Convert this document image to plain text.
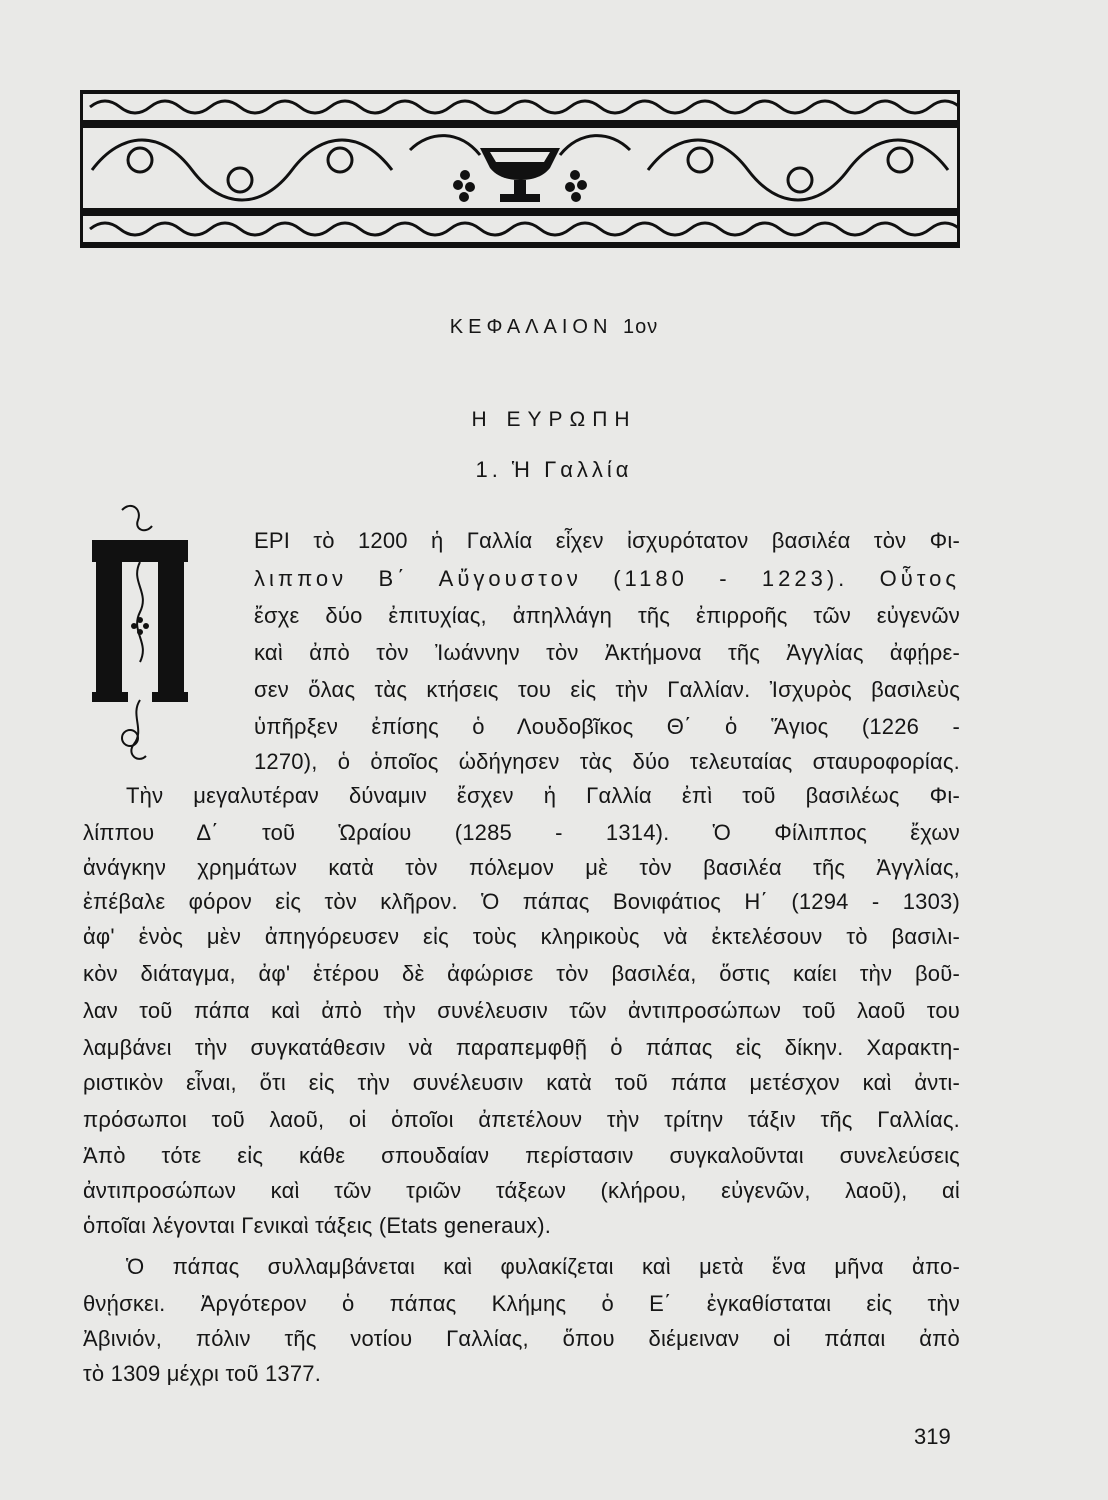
ΚΕΦΑΛΑΙΟΝ 1ον
Η ΕΥΡΩΠΗ
1. Ἡ Γαλλία
ΕΡΙ τὸ 1200 ἡ Γαλλία εἶχεν ἰσχυρότατον βασιλέα τὸν Φι-
λιππον Β΄ Αὔγουστον (1180 - 1223). Οὗτος
ἔσχε δύο ἐπιτυχίας, ἀπηλλάγη τῆς ἐπιρροῆς τῶν εὐγενῶν
καὶ ἀπὸ τὸν Ἰωάννην τὸν Ἀκτήμονα τῆς Ἀγγλίας ἀφῄρε-
σεν ὅλας τὰς κτήσεις του εἰς τὴν Γαλλίαν. Ἰσχυρὸς βασιλεὺς
ὑπῆρξεν ἐπίσης ὁ Λουδοβῖκος Θ΄ ὁ Ἅγιος (1226 -
1270), ὁ ὁποῖος ὡδήγησεν τὰς δύο τελευταίας σταυροφορίας.
Τὴν μεγαλυτέραν δύναμιν ἔσχεν ἡ Γαλλία ἐπὶ τοῦ βασιλέως Φι-
λίππου Δ΄ τοῦ Ὡραίου (1285 - 1314). Ὁ Φίλιππος ἔχων
ἀνάγκην χρημάτων κατὰ τὸν πόλεμον μὲ τὸν βασιλέα τῆς Ἀγγλίας,
ἐπέβαλε φόρον εἰς τὸν κλῆρον. Ὁ πάπας Βονιφάτιος Η΄ (1294 - 1303)
ἀφ' ἑνὸς μὲν ἀπηγόρευσεν εἰς τοὺς κληρικοὺς νὰ ἐκτελέσουν τὸ βασιλι-
κὸν διάταγμα, ἀφ' ἑτέρου δὲ ἀφώρισε τὸν βασιλέα, ὅστις καίει τὴν βοῦ-
λαν τοῦ πάπα καὶ ἀπὸ τὴν συνέλευσιν τῶν ἀντιπροσώπων τοῦ λαοῦ του
λαμβάνει τὴν συγκατάθεσιν νὰ παραπεμφθῇ ὁ πάπας εἰς δίκην. Χαρακτη-
ριστικὸν εἶναι, ὅτι εἰς τὴν συνέλευσιν κατὰ τοῦ πάπα μετέσχον καὶ ἀντι-
πρόσωποι τοῦ λαοῦ, οἱ ὁποῖοι ἀπετέλουν τὴν τρίτην τάξιν τῆς Γαλλίας.
Ἀπὸ τότε εἰς κάθε σπουδαίαν περίστασιν συγκαλοῦνται συνελεύσεις
ἀντιπροσώπων καὶ τῶν τριῶν τάξεων (κλήρου, εὐγενῶν, λαοῦ), αἱ
ὁποῖαι λέγονται Γενικαὶ τάξεις (Etats generaux).
Ὁ πάπας συλλαμβάνεται καὶ φυλακίζεται καὶ μετὰ ἕνα μῆνα ἀπο-
θνῄσκει. Ἀργότερον ὁ πάπας Κλήμης ὁ Ε΄ ἐγκαθίσταται εἰς τὴν
Ἀβινιόν, πόλιν τῆς νοτίου Γαλλίας, ὅπου διέμειναν οἱ πάπαι ἀπὸ
τὸ 1309 μέχρι τοῦ 1377.
319
